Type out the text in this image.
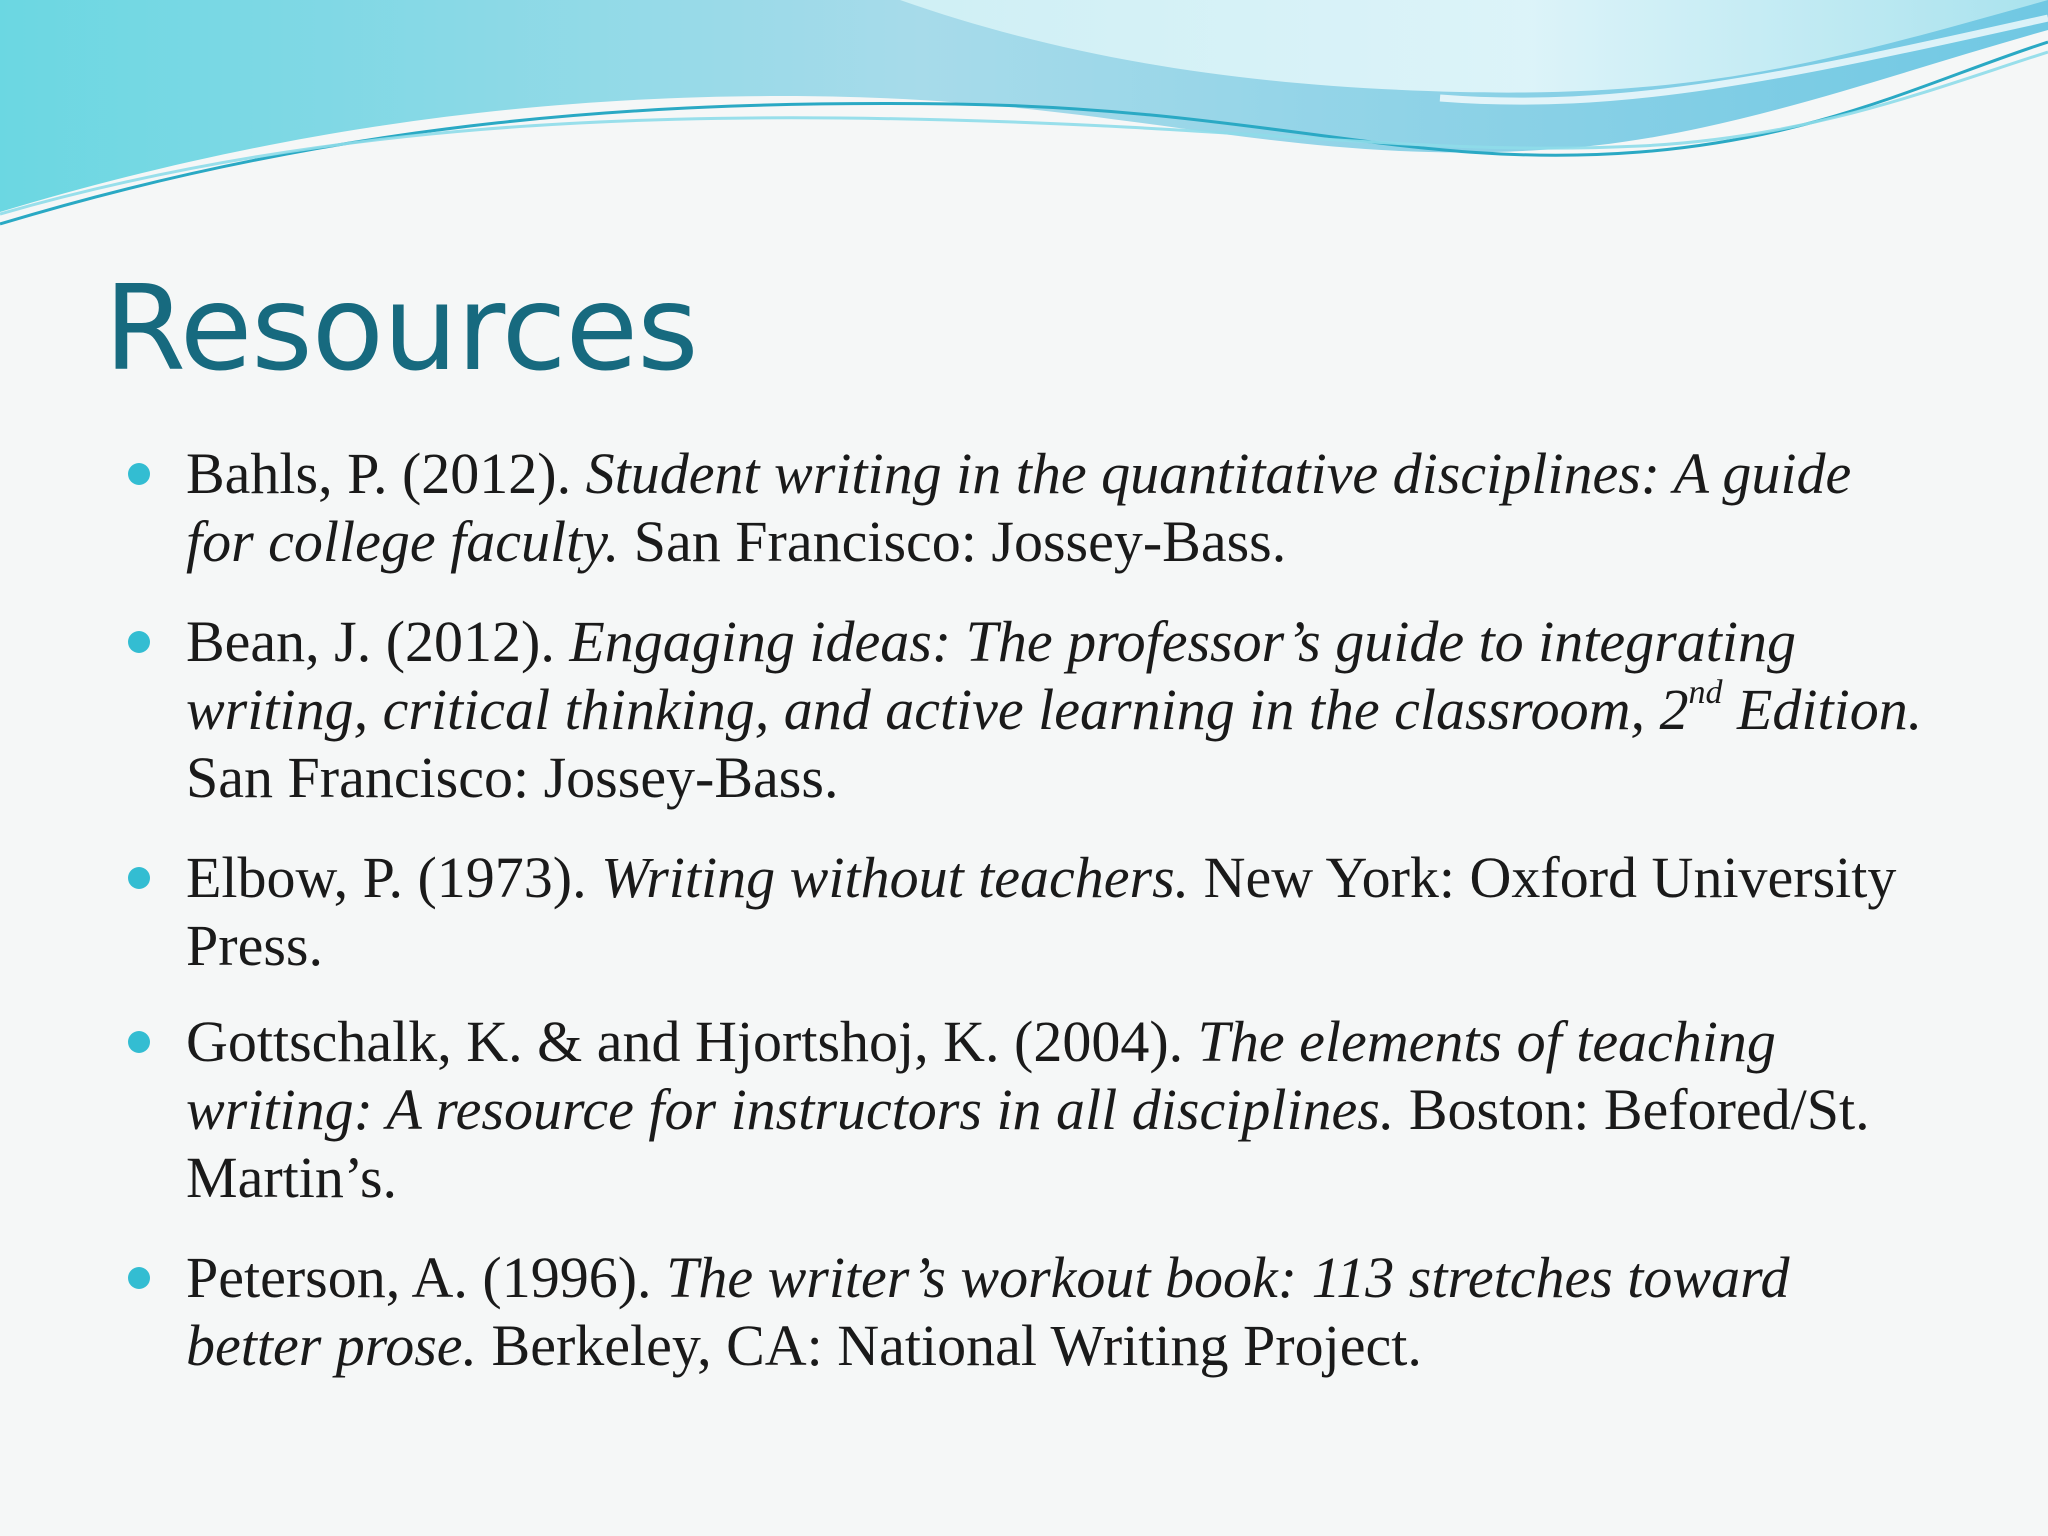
Resources
Bahls, P. (2012). Student writing in the quantitative disciplines: A guide for college faculty. San Francisco: Jossey-Bass.
Bean, J. (2012). Engaging ideas: The professor’s guide to integrating writing, critical thinking, and active learning in the classroom, 2nd Edition. San Francisco: Jossey-Bass.
Elbow, P. (1973). Writing without teachers. New York: Oxford University Press.
Gottschalk, K. & and Hjortshoj, K. (2004). The elements of teaching writing: A resource for instructors in all disciplines. Boston: Befored/St. Martin’s.
Peterson, A. (1996). The writer’s workout book: 113 stretches toward better prose. Berkeley, CA: National Writing Project.
